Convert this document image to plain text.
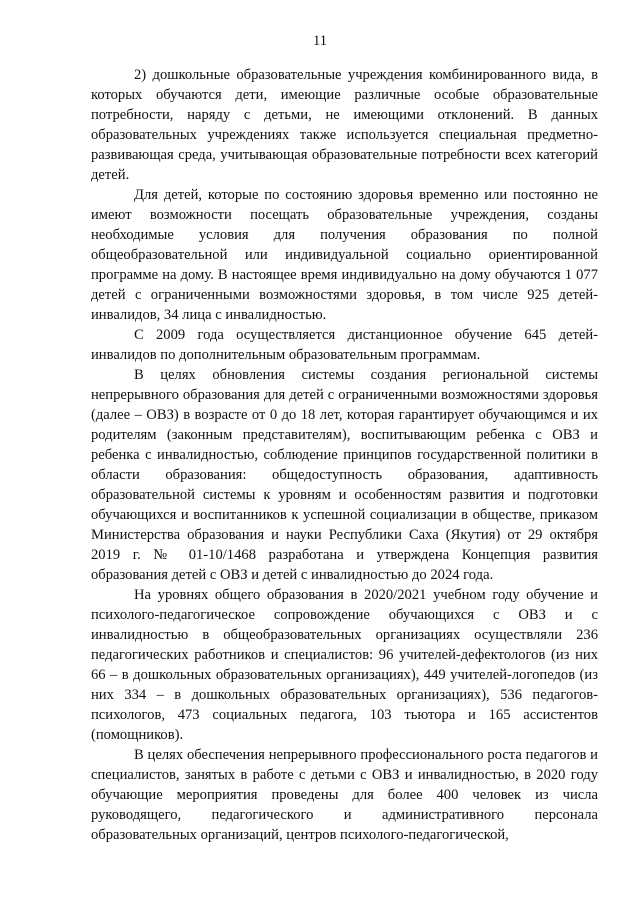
11

2) дошкольные образовательные учреждения комбинированного вида, в которых обучаются дети, имеющие различные особые образовательные потребности, наряду с детьми, не имеющими отклонений. В данных образовательных учреждениях также используется специальная предметно-развивающая среда, учитывающая образовательные потребности всех категорий детей.

Для детей, которые по состоянию здоровья временно или постоянно не имеют возможности посещать образовательные учреждения, созданы необходимые условия для получения образования по полной общеобразовательной или индивидуальной социально ориентированной программе на дому. В настоящее время индивидуально на дому обучаются 1 077 детей с ограниченными возможностями здоровья, в том числе 925 детей-инвалидов, 34 лица с инвалидностью.

С 2009 года осуществляется дистанционное обучение 645 детей-инвалидов по дополнительным образовательным программам.

В целях обновления системы создания региональной системы непрерывного образования для детей с ограниченными возможностями здоровья (далее – ОВЗ) в возрасте от 0 до 18 лет, которая гарантирует обучающимся и их родителям (законным представителям), воспитывающим ребенка с ОВЗ и ребенка с инвалидностью, соблюдение принципов государственной политики в области образования: общедоступность образования, адаптивность образовательной системы к уровням и особенностям развития и подготовки обучающихся и воспитанников к успешной социализации в обществе, приказом Министерства образования и науки Республики Саха (Якутия) от 29 октября 2019 г. № 01-10/1468 разработана и утверждена Концепция развития образования детей с ОВЗ и детей с инвалидностью до 2024 года.

На уровнях общего образования в 2020/2021 учебном году обучение и психолого-педагогическое сопровождение обучающихся с ОВЗ и с инвалидностью в общеобразовательных организациях осуществляли 236 педагогических работников и специалистов: 96 учителей-дефектологов (из них 66 – в дошкольных образовательных организациях), 449 учителей-логопедов (из них 334 – в дошкольных образовательных организациях), 536 педагогов-психологов, 473 социальных педагога, 103 тьютора и 165 ассистентов (помощников).

В целях обеспечения непрерывного профессионального роста педагогов и специалистов, занятых в работе с детьми с ОВЗ и инвалидностью, в 2020 году обучающие мероприятия проведены для более 400 человек из числа руководящего, педагогического и административного персонала образовательных организаций, центров психолого-педагогической,
